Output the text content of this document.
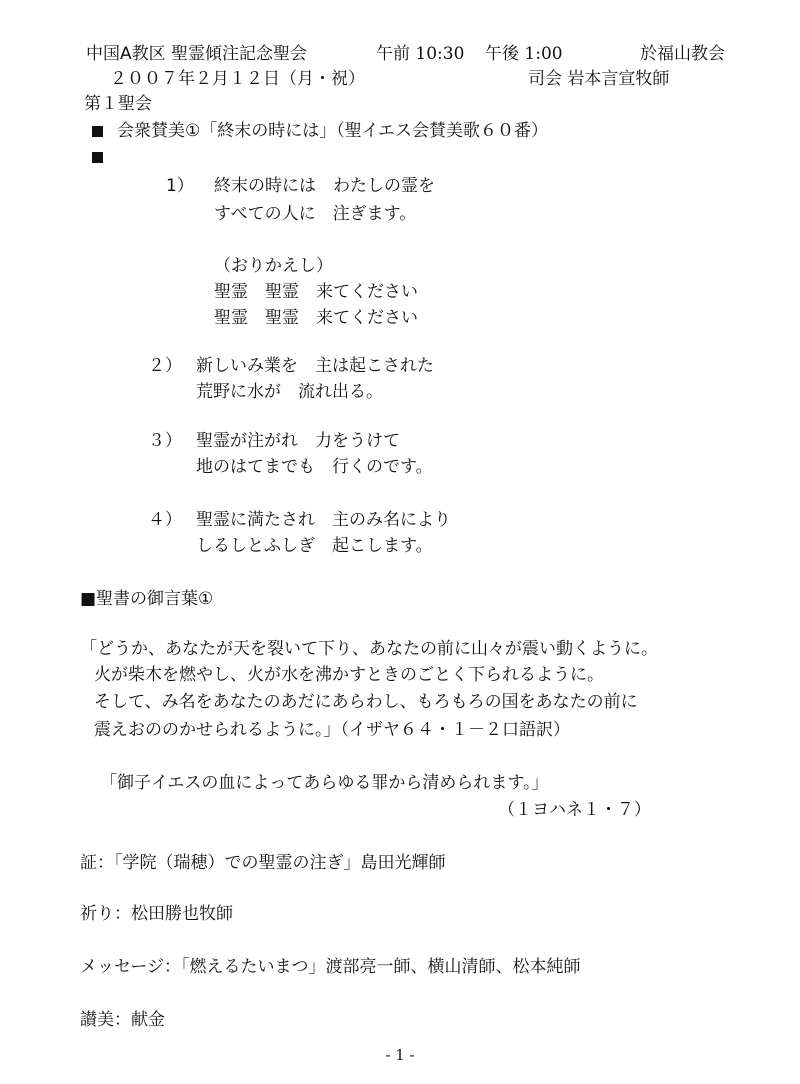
中国A教区 聖霊傾注記念聖会	午前 10:30 午後 1:00	於福山教会
２００７年２月１２日（月・祝）	司会 岩本言宣牧師
第１聖会
会衆賛美①「終末の時には」（聖イエス会賛美歌６０番）
1） 終末の時には　わたしの霊を
すべての人に　注ぎます。
（おりかえし）
聖霊　聖霊　来てください
聖霊　聖霊　来てください
２） 新しいみ業を　主は起こされた
荒野に水が　流れ出る。
３） 聖霊が注がれ　力をうけて
地のはてまでも　行くのです。
４） 聖霊に満たされ　主のみ名により
しるしとふしぎ　起こします。
■聖書の御言葉①
「どうか、あなたが天を裂いて下り、あなたの前に山々が震い動くように。
火が柴木を燃やし、火が水を沸かすときのごとく下られるように。
そして、み名をあなたのあだにあらわし、もろもろの国をあなたの前に
震えおののかせられるように。」（イザヤ６４・１－２口語訳）
「御子イエスの血によってあらゆる罪から清められます。」
（１ヨハネ１・７）
証：「学院（瑞穂）での聖霊の注ぎ」島田光輝師
祈り：松田勝也牧師
メッセージ：「燃えるたいまつ」渡部亮一師、横山清師、松本純師
讃美：献金
- 1 -
